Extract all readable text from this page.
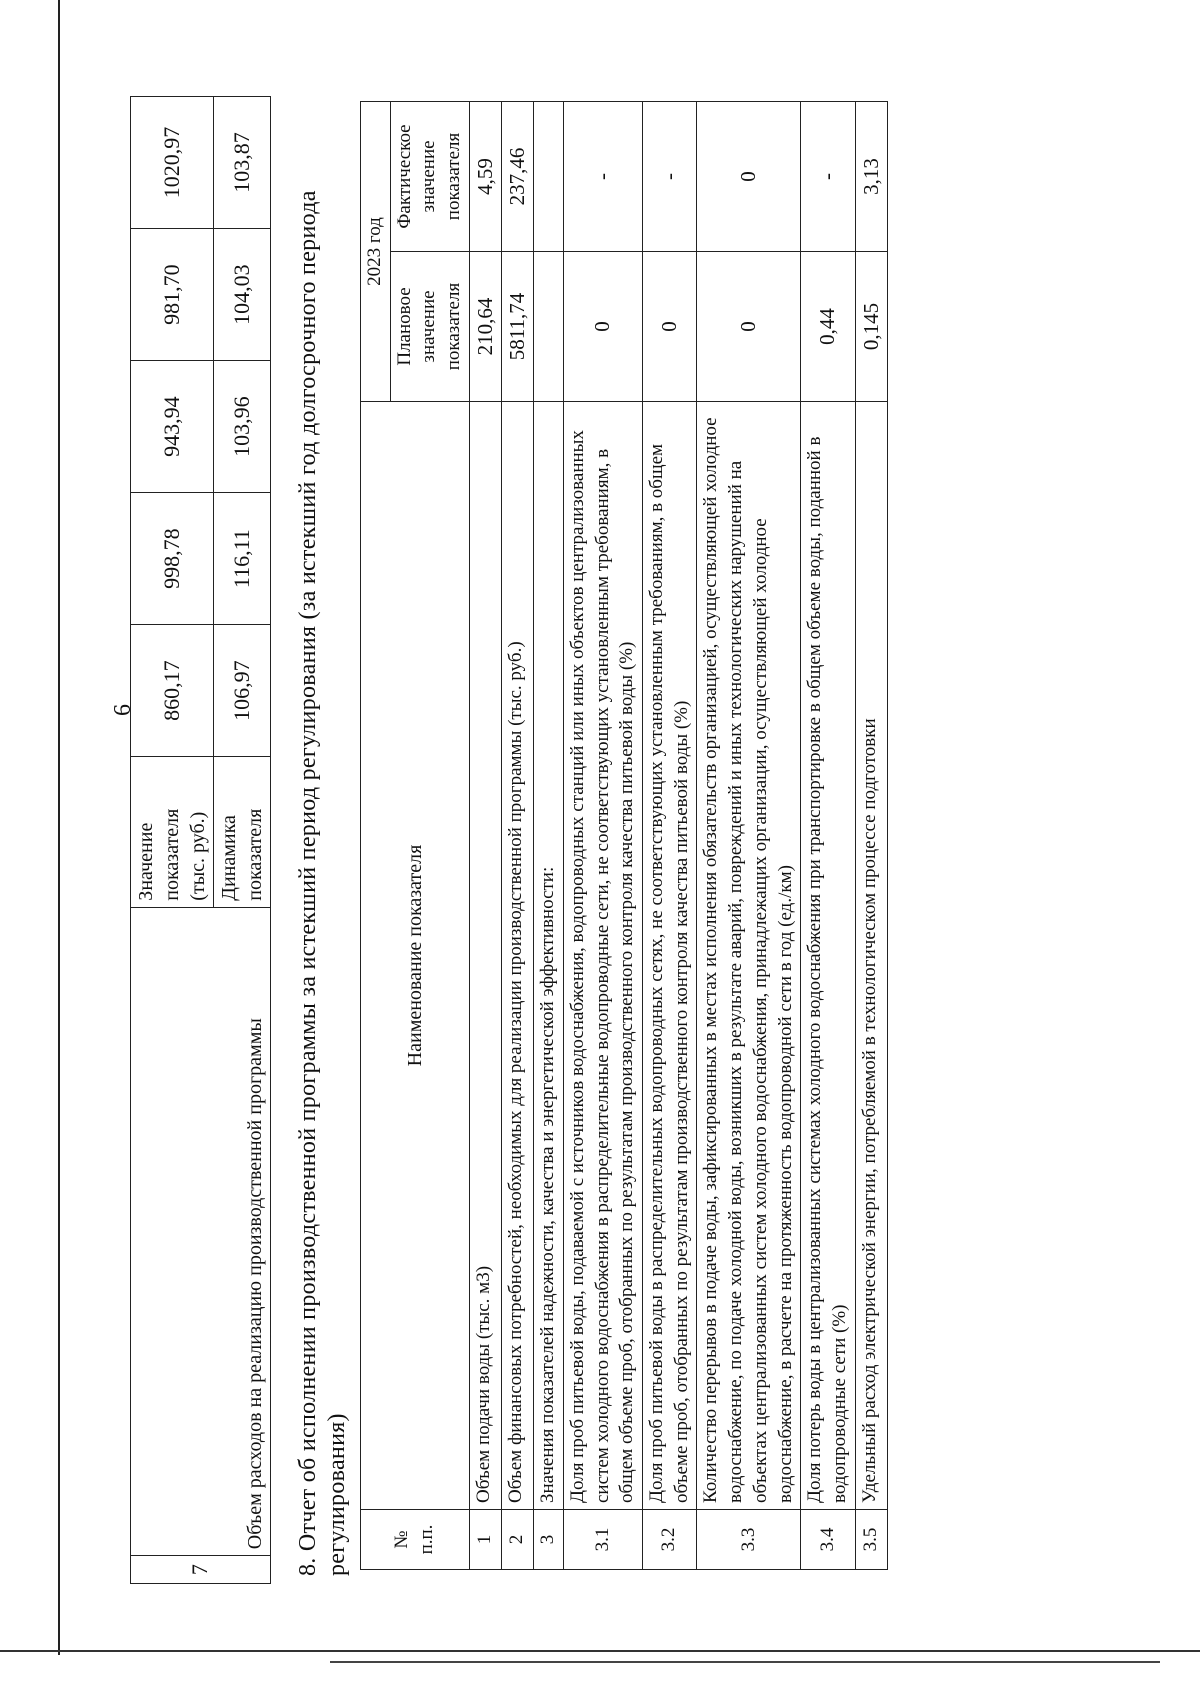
6
7	Объем расходов на реализацию производственной программы	Значение показателя (тыс. руб.)	860,17	998,78	943,94	981,70	1020,97
		Динамика показателя	106,97	116,11	103,96	104,03	103,87
8. Отчет об исполнении производственной программы за истекший период регулирования (за истекший год долгосрочного периода регулирования) № п.п.	Наименование показателя	2023 год	
		Плановое значение показателя	Фактическое значение показателя
1	Объем подачи воды (тыс. м3)	210,64	4,59
2	Объем финансовых потребностей, необходимых для реализации производственной программы (тыс. руб.)	5811,74	237,46
3	Значения показателей надежности, качества и энергетической эффективности:		
3.1	Доля проб питьевой воды, подаваемой с источников водоснабжения, водопроводных станций или иных объектов централизованных систем холодного водоснабжения в распределительные водопроводные сети, не соответствующих установленным требованиям, в общем объеме проб, отобранных по результатам производственного контроля качества питьевой воды (%)	0	-
3.2	Доля проб питьевой воды в распределительных водопроводных сетях, не соответствующих установленным требованиям, в общем объеме проб, отобранных по результатам производственного контроля качества питьевой воды (%)	0	-
3.3	Количество перерывов в подаче воды, зафиксированных в местах исполнения обязательств организацией, осуществляющей холодное водоснабжение, по подаче холодной воды, возникших в результате аварий, повреждений и иных технологических нарушений на объектах централизованных систем холодного водоснабжения, принадлежащих организации, осуществляющей холодное водоснабжение, в расчете на протяженность водопроводной сети в год (ед./км)	0	0
3.4	Доля потерь воды в централизованных системах холодного водоснабжения при транспортировке в общем объеме воды, поданной в водопроводные сети (%)	0,44	-
3.5	Удельный расход электрической энергии, потребляемой в технологическом процессе подготовки	0,145	3,13
